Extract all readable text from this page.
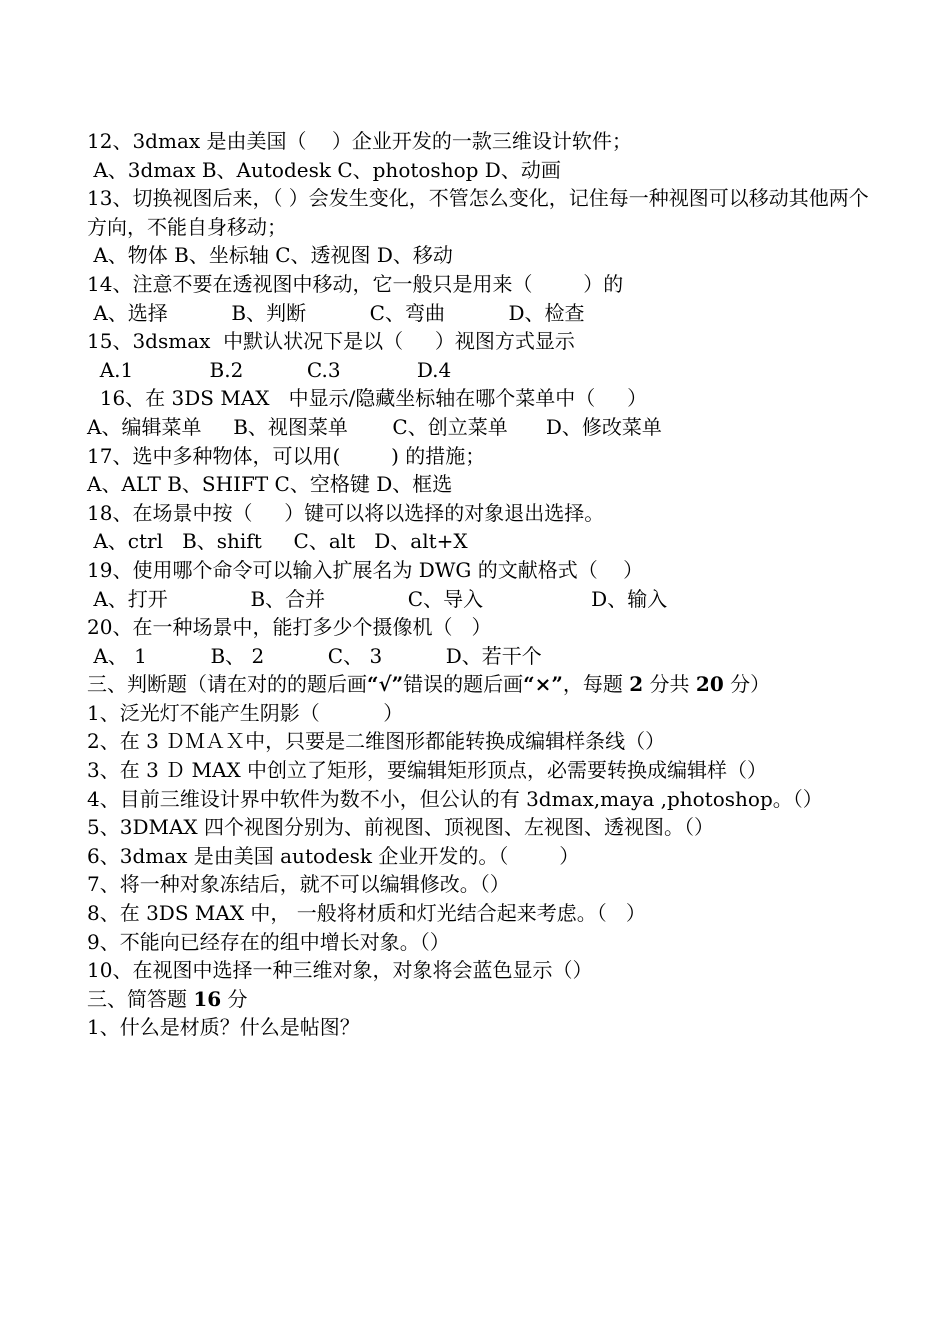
12、3dmax 是由美国（    ）企业开发的一款三维设计软件；
A、3dmax B、Autodesk C、photoshop D、动画
13、切换视图后来，（ ）会发生变化，不管怎么变化，记住每一种视图可以移动其他两个方向，不能自身移动；
A、物体 B、坐标轴 C、透视图 D、移动
14、注意不要在透视图中移动，它一般只是用来（        ）的
A、选择          B、判断          C、弯曲          D、检查
15、3dsmax  中默认状况下是以（     ）视图方式显示
A.1            B.2          C.3            D.4
16、在 3DS MAX   中显示/隐藏坐标轴在哪个菜单中（     ）
A、编辑菜单     B、视图菜单       C、创立菜单      D、修改菜单
17、选中多种物体，可以用(        ) 的措施；
A、ALT B、SHIFT C、空格键 D、框选
18、在场景中按（     ）键可以将以选择的对象退出选择。
A、ctrl   B、shift     C、alt   D、alt+X
19、使用哪个命令可以输入扩展名为 DWG 的文献格式（    ）
A、打开             B、合并             C、导入                 D、输入
20、在一种场景中，能打多少个摄像机（   ）
A、 1          B、 2          C、 3          D、若干个
三、判断题（请在对的的题后画“√”错误的题后画“×”，每题 2 分共 20 分）
1、泛光灯不能产生阴影（          ）
2、在 3 ＤＭＡＸ中，只要是二维图形都能转换成编辑样条线（）
3、在 3 Ｄ MAX 中创立了矩形，要编辑矩形顶点，必需要转换成编辑样（）
4、目前三维设计界中软件为数不小，但公认的有 3dmax,maya ,photoshop。（）
5、3DMAX 四个视图分别为、前视图、顶视图、左视图、透视图。（）
6、3dmax 是由美国 autodesk 企业开发的。（        ）
7、将一种对象冻结后，就不可以编辑修改。（）
8、在 3DS MAX 中， 一般将材质和灯光结合起来考虑。（   ）
9、不能向已经存在的组中增长对象。（）
10、在视图中选择一种三维对象，对象将会蓝色显示（）
三、简答题 16 分
1、什么是材质？什么是帖图？
